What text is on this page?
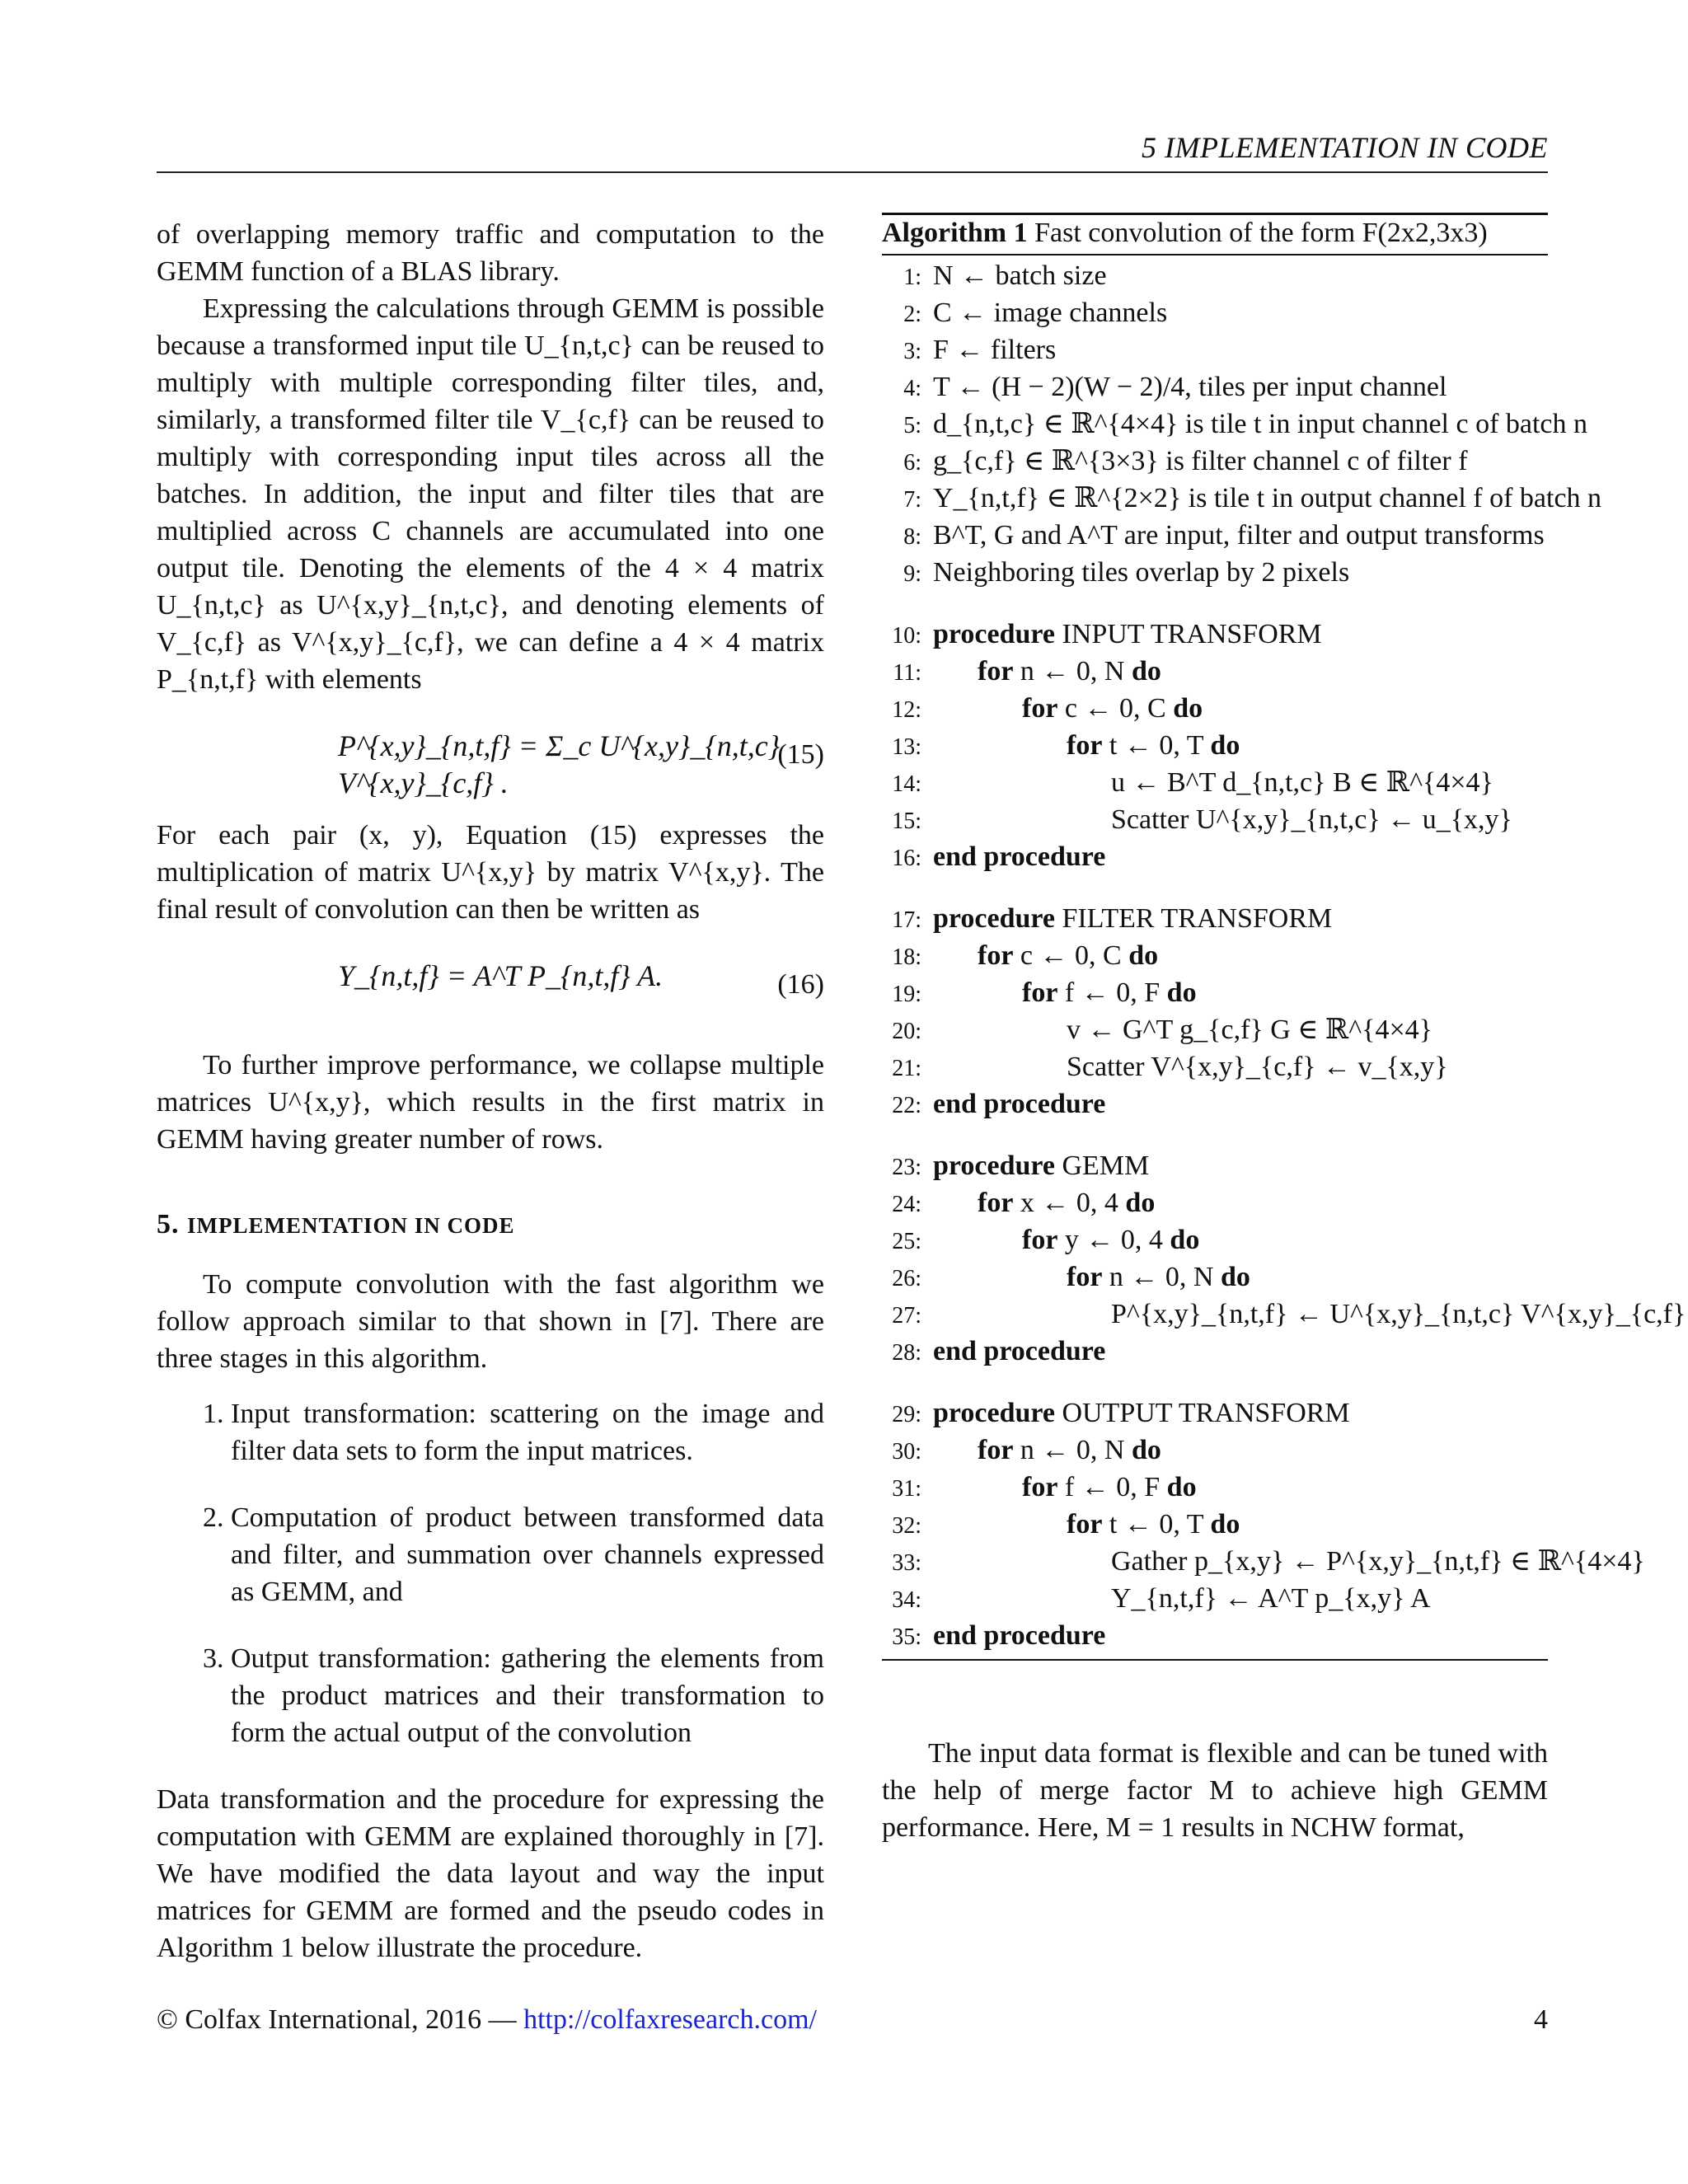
5 IMPLEMENTATION IN CODE

of overlapping memory traffic and computation to the GEMM function of a BLAS library.

Expressing the calculations through GEMM is possible because a transformed input tile U_{n,t,c} can be reused to multiply with multiple corresponding filter tiles, and, similarly, a transformed filter tile V_{c,f} can be reused to multiply with corresponding input tiles across all the batches. In addition, the input and filter tiles that are multiplied across C channels are accumulated into one output tile. Denoting the elements of the 4 × 4 matrix U_{n,t,c} as U^{x,y}_{n,t,c}, and denoting elements of V_{c,f} as V^{x,y}_{c,f}, we can define a 4 × 4 matrix P_{n,t,f} with elements

P^{x,y}_{n,t,f} = Σ_c U^{x,y}_{n,t,c} V^{x,y}_{c,f} .
(15)

For each pair (x, y), Equation (15) expresses the multiplication of matrix U^{x,y} by matrix V^{x,y}. The final result of convolution can then be written as

Y_{n,t,f} = A^T P_{n,t,f} A.	(16)

To further improve performance, we collapse multiple matrices U^{x,y}, which results in the first matrix in GEMM having greater number of rows.

5. IMPLEMENTATION IN CODE

To compute convolution with the fast algorithm we follow approach similar to that shown in [7]. There are three stages in this algorithm.

1. Input transformation: scattering on the image and filter data sets to form the input matrices.
2. Computation of product between transformed data and filter, and summation over channels expressed as GEMM, and
3. Output transformation: gathering the elements from the product matrices and their transformation to form the actual output of the convolution

Data transformation and the procedure for expressing the computation with GEMM are explained thoroughly in [7]. We have modified the data layout and way the input matrices for GEMM are formed and the pseudo codes in Algorithm 1 below illustrate the procedure.

Algorithm 1 Fast convolution of the form F(2x2,3x3)
1: N ← batch size
2: C ← image channels
3: F ← filters
4: T ← (H − 2)(W − 2)/4, tiles per input channel
5: d_{n,t,c} ∈ ℝ^{4×4} is tile t in input channel c of batch n
6: g_{c,f} ∈ ℝ^{3×3} is filter channel c of filter f
7: Y_{n,t,f} ∈ ℝ^{2×2} is tile t in output channel f of batch n
8: B^T, G and A^T are input, filter and output transforms
9: Neighboring tiles overlap by 2 pixels
10: procedure INPUT TRANSFORM
11: for n ← 0, N do
12:	for c ← 0, C do
13:	for t ← 0, T do
14:	u ← B^T d_{n,t,c} B ∈ ℝ^{4×4}
15:	Scatter U^{x,y}_{n,t,c} ← u_{x,y}
16: end procedure
17: procedure FILTER TRANSFORM
18: for c ← 0, C do
19:	for f ← 0, F do
20:	v ← G^T g_{c,f} G ∈ ℝ^{4×4}
21:	Scatter V^{x,y}_{c,f} ← v_{x,y}
22: end procedure
23: procedure GEMM
24: for x ← 0, 4 do
25:	for y ← 0, 4 do
26:	for n ← 0, N do
27:	P^{x,y}_{n,t,f} ← U^{x,y}_{n,t,c} V^{x,y}_{c,f}
28: end procedure
29: procedure OUTPUT TRANSFORM
30: for n ← 0, N do
31:	for f ← 0, F do
32:	for t ← 0, T do
33:	Gather p_{x,y} ← P^{x,y}_{n,t,f} ∈ ℝ^{4×4}
34:	Y_{n,t,f} ← A^T p_{x,y} A
35: end procedure

The input data format is flexible and can be tuned with the help of merge factor M to achieve high GEMM performance. Here, M = 1 results in NCHW format,

© Colfax International, 2016 — http://colfaxresearch.com/	4
